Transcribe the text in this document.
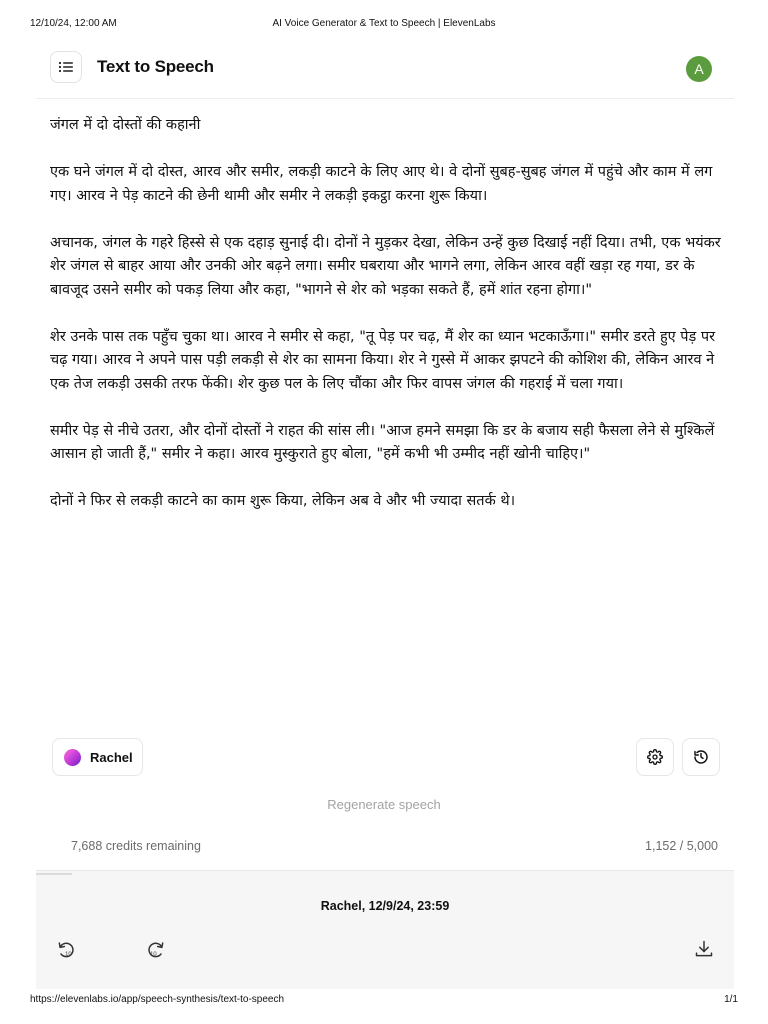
12/10/24, 12:00 AM	AI Voice Generator & Text to Speech | ElevenLabs
Text to Speech	A

जंगल में दो दोस्तों की कहानी

एक घने जंगल में दो दोस्त, आरव और समीर, लकड़ी काटने के लिए आए थे। वे दोनों सुबह-सुबह जंगल में पहुंचे और काम में लग गए। आरव ने पेड़ काटने की छेनी थामी और समीर ने लकड़ी इकट्ठा करना शुरू किया।

अचानक, जंगल के गहरे हिस्से से एक दहाड़ सुनाई दी। दोनों ने मुड़कर देखा, लेकिन उन्हें कुछ दिखाई नहीं दिया। तभी, एक भयंकर शेर जंगल से बाहर आया और उनकी ओर बढ़ने लगा। समीर घबराया और भागने लगा, लेकिन आरव वहीं खड़ा रह गया, डर के बावजूद उसने समीर को पकड़ लिया और कहा, "भागने से शेर को भड़का सकते हैं, हमें शांत रहना होगा।"

शेर उनके पास तक पहुँच चुका था। आरव ने समीर से कहा, "तू पेड़ पर चढ़, मैं शेर का ध्यान भटकाऊँगा।" समीर डरते हुए पेड़ पर चढ़ गया। आरव ने अपने पास पड़ी लकड़ी से शेर का सामना किया। शेर ने गुस्से में आकर झपटने की कोशिश की, लेकिन आरव ने एक तेज लकड़ी उसकी तरफ फेंकी। शेर कुछ पल के लिए चौंका और फिर वापस जंगल की गहराई में चला गया।

समीर पेड़ से नीचे उतरा, और दोनों दोस्तों ने राहत की सांस ली। "आज हमने समझा कि डर के बजाय सही फैसला लेने से मुश्किलें आसान हो जाती हैं," समीर ने कहा। आरव मुस्कुराते हुए बोला, "हमें कभी भी उम्मीद नहीं खोनी चाहिए।"

दोनों ने फिर से लकड़ी काटने का काम शुरू किया, लेकिन अब वे और भी ज्यादा सतर्क थे।

Rachel
Regenerate speech
7,688 credits remaining	1,152 / 5,000
Rachel, 12/9/24, 23:59
10	10
https://elevenlabs.io/app/speech-synthesis/text-to-speech	1/1
